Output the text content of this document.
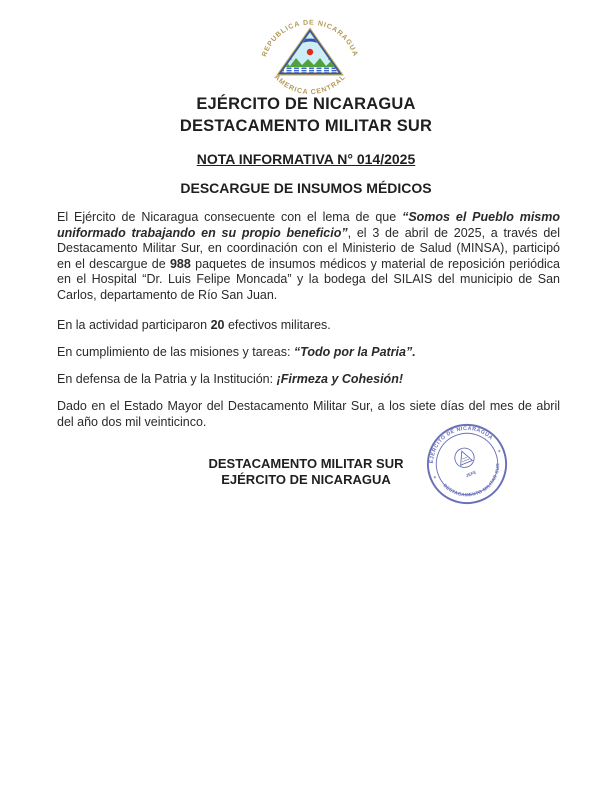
REPUBLICA DE NICARAGUA
AMERICA CENTRAL
EJÉRCITO DE NICARAGUA
DESTACAMENTO MILITAR SUR
NOTA INFORMATIVA N° 014/2025
DESCARGUE DE INSUMOS MÉDICOS

El Ejército de Nicaragua consecuente con el lema de que “Somos el Pueblo mismo uniformado trabajando en su propio beneficio”, el 3 de abril de 2025, a través del Destacamento Militar Sur, en coordinación con el Ministerio de Salud (MINSA), participó en el descargue de 988 paquetes de insumos médicos y material de reposición periódica en el Hospital “Dr. Luis Felipe Moncada” y la bodega del SILAIS del municipio de San Carlos, departamento de Río San Juan.

En la actividad participaron 20 efectivos militares.

En cumplimiento de las misiones y tareas: “Todo por la Patria”.

En defensa de la Patria y la Institución: ¡Firmeza y Cohesión!

Dado en el Estado Mayor del Destacamento Militar Sur, a los siete días del mes de abril del año dos mil veinticinco.

DESTACAMENTO MILITAR SUR
EJÉRCITO DE NICARAGUA
EJÉRCITO DE NICARAGUA
DESTACAMENTO MILITAR SUR
✶
✶
JEFE
